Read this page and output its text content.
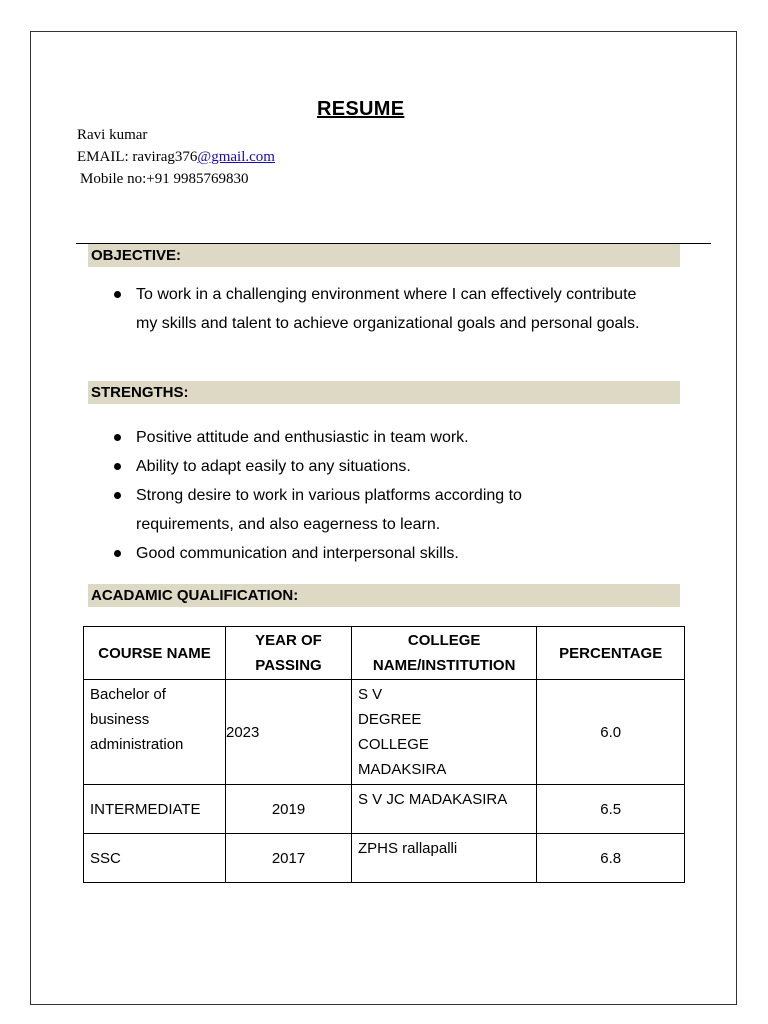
RESUME
Ravi kumar
EMAIL: ravirag376@gmail.com
Mobile no:+91 9985769830
OBJECTIVE:
To work in a challenging environment where I can effectively contribute my skills and talent to achieve organizational goals and personal goals.
STRENGTHS:
Positive attitude and enthusiastic in team work.
Ability to adapt easily to any situations.
Strong desire to work in various platforms according to requirements, and also eagerness to learn.
Good communication and interpersonal skills.
ACADAMIC QUALIFICATION:
COURSE NAME	YEAR OF PASSING	COLLEGE NAME/INSTITUTION	PERCENTAGE
Bachelor of business administration	2023	S V DEGREE COLLEGE MADAKSIRA	6.0
INTERMEDIATE	2019	S V JC MADAKASIRA	6.5
SSC	2017	ZPHS rallapalli	6.8
